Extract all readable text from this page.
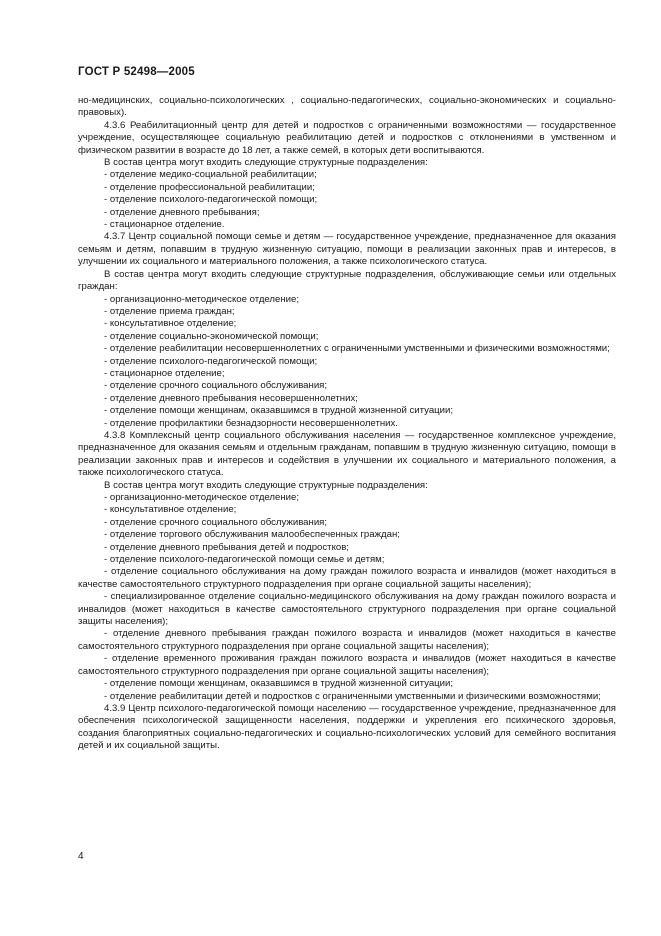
ГОСТ Р 52498—2005

но-медицинских, социально-психологических , социально-педагогических, социально-экономических и социально-правовых).

4.3.6 Реабилитационный центр для детей и подростков с ограниченными возможностями — государственное учреждение, осуществляющее социальную реабилитацию детей и подростков с отклонениями в умственном и физическом развитии в возрасте до 18 лет, а также семей, в которых дети воспитываются.

В состав центра могут входить следующие структурные подразделения:

- отделение медико-социальной реабилитации;

- отделение профессиональной реабилитации;

- отделение психолого-педагогической помощи;

- отделение дневного пребывания;

- стационарное отделение.

4.3.7 Центр социальной помощи семье и детям — государственное учреждение, предназначенное для оказания семьям и детям, попавшим в трудную жизненную ситуацию, помощи в реализации законных прав и интересов, в улучшении их социального и материального положения, а также психологического статуса.

В состав центра могут входить следующие структурные подразделения, обслуживающие семьи или отдельных граждан:

- организационно-методическое отделение;

- отделение приема граждан;

- консультативное отделение;

- отделение социально-экономической помощи;

- отделение реабилитации несовершеннолетних с ограниченными умственными и физическими возможностями;

- отделение психолого-педагогической помощи;

- стационарное отделение;

- отделение срочного социального обслуживания;

- отделение дневного пребывания несовершеннолетних;

- отделение помощи женщинам, оказавшимся в трудной жизненной ситуации;

- отделение профилактики безнадзорности несовершеннолетних.

4.3.8 Комплексный центр социального обслуживания населения — государственное комплексное учреждение, предназначенное для оказания семьям и отдельным гражданам, попавшим в трудную жизненную ситуацию, помощи в реализации законных прав и интересов и содействия в улучшении их социального и материального положения, а также психологического статуса.

В состав центра могут входить следующие структурные подразделения:

- организационно-методическое отделение;

- консультативное отделение;

- отделение срочного социального обслуживания;

- отделение торгового обслуживания малообеспеченных граждан;

- отделение дневного пребывания детей и подростков;

- отделение психолого-педагогической помощи семье и детям;

- отделение социального обслуживания на дому граждан пожилого возраста и инвалидов (может находиться в качестве самостоятельного структурного подразделения при органе социальной защиты населения);

- специализированное отделение социально-медицинского обслуживания на дому граждан пожилого возраста и инвалидов (может находиться в качестве самостоятельного структурного подразделения при органе социальной защиты населения);

- отделение дневного пребывания граждан пожилого возраста и инвалидов (может находиться в качестве самостоятельного структурного подразделения при органе социальной защиты населения);

- отделение временного проживания граждан пожилого возраста и инвалидов (может находиться в качестве самостоятельного структурного подразделения при органе социальной защиты населения);

- отделение помощи женщинам, оказавшимся в трудной жизненной ситуации;

- отделение реабилитации детей и подростков с ограниченными умственными и физическими возможностями;

4.3.9 Центр психолого-педагогической помощи населению — государственное учреждение, предназначенное для обеспечения психологической защищенности населения, поддержки и укрепления его психического здоровья, создания благоприятных социально-педагогических и социально-психологических условий для семейного воспитания детей и их социальной защиты.

4
